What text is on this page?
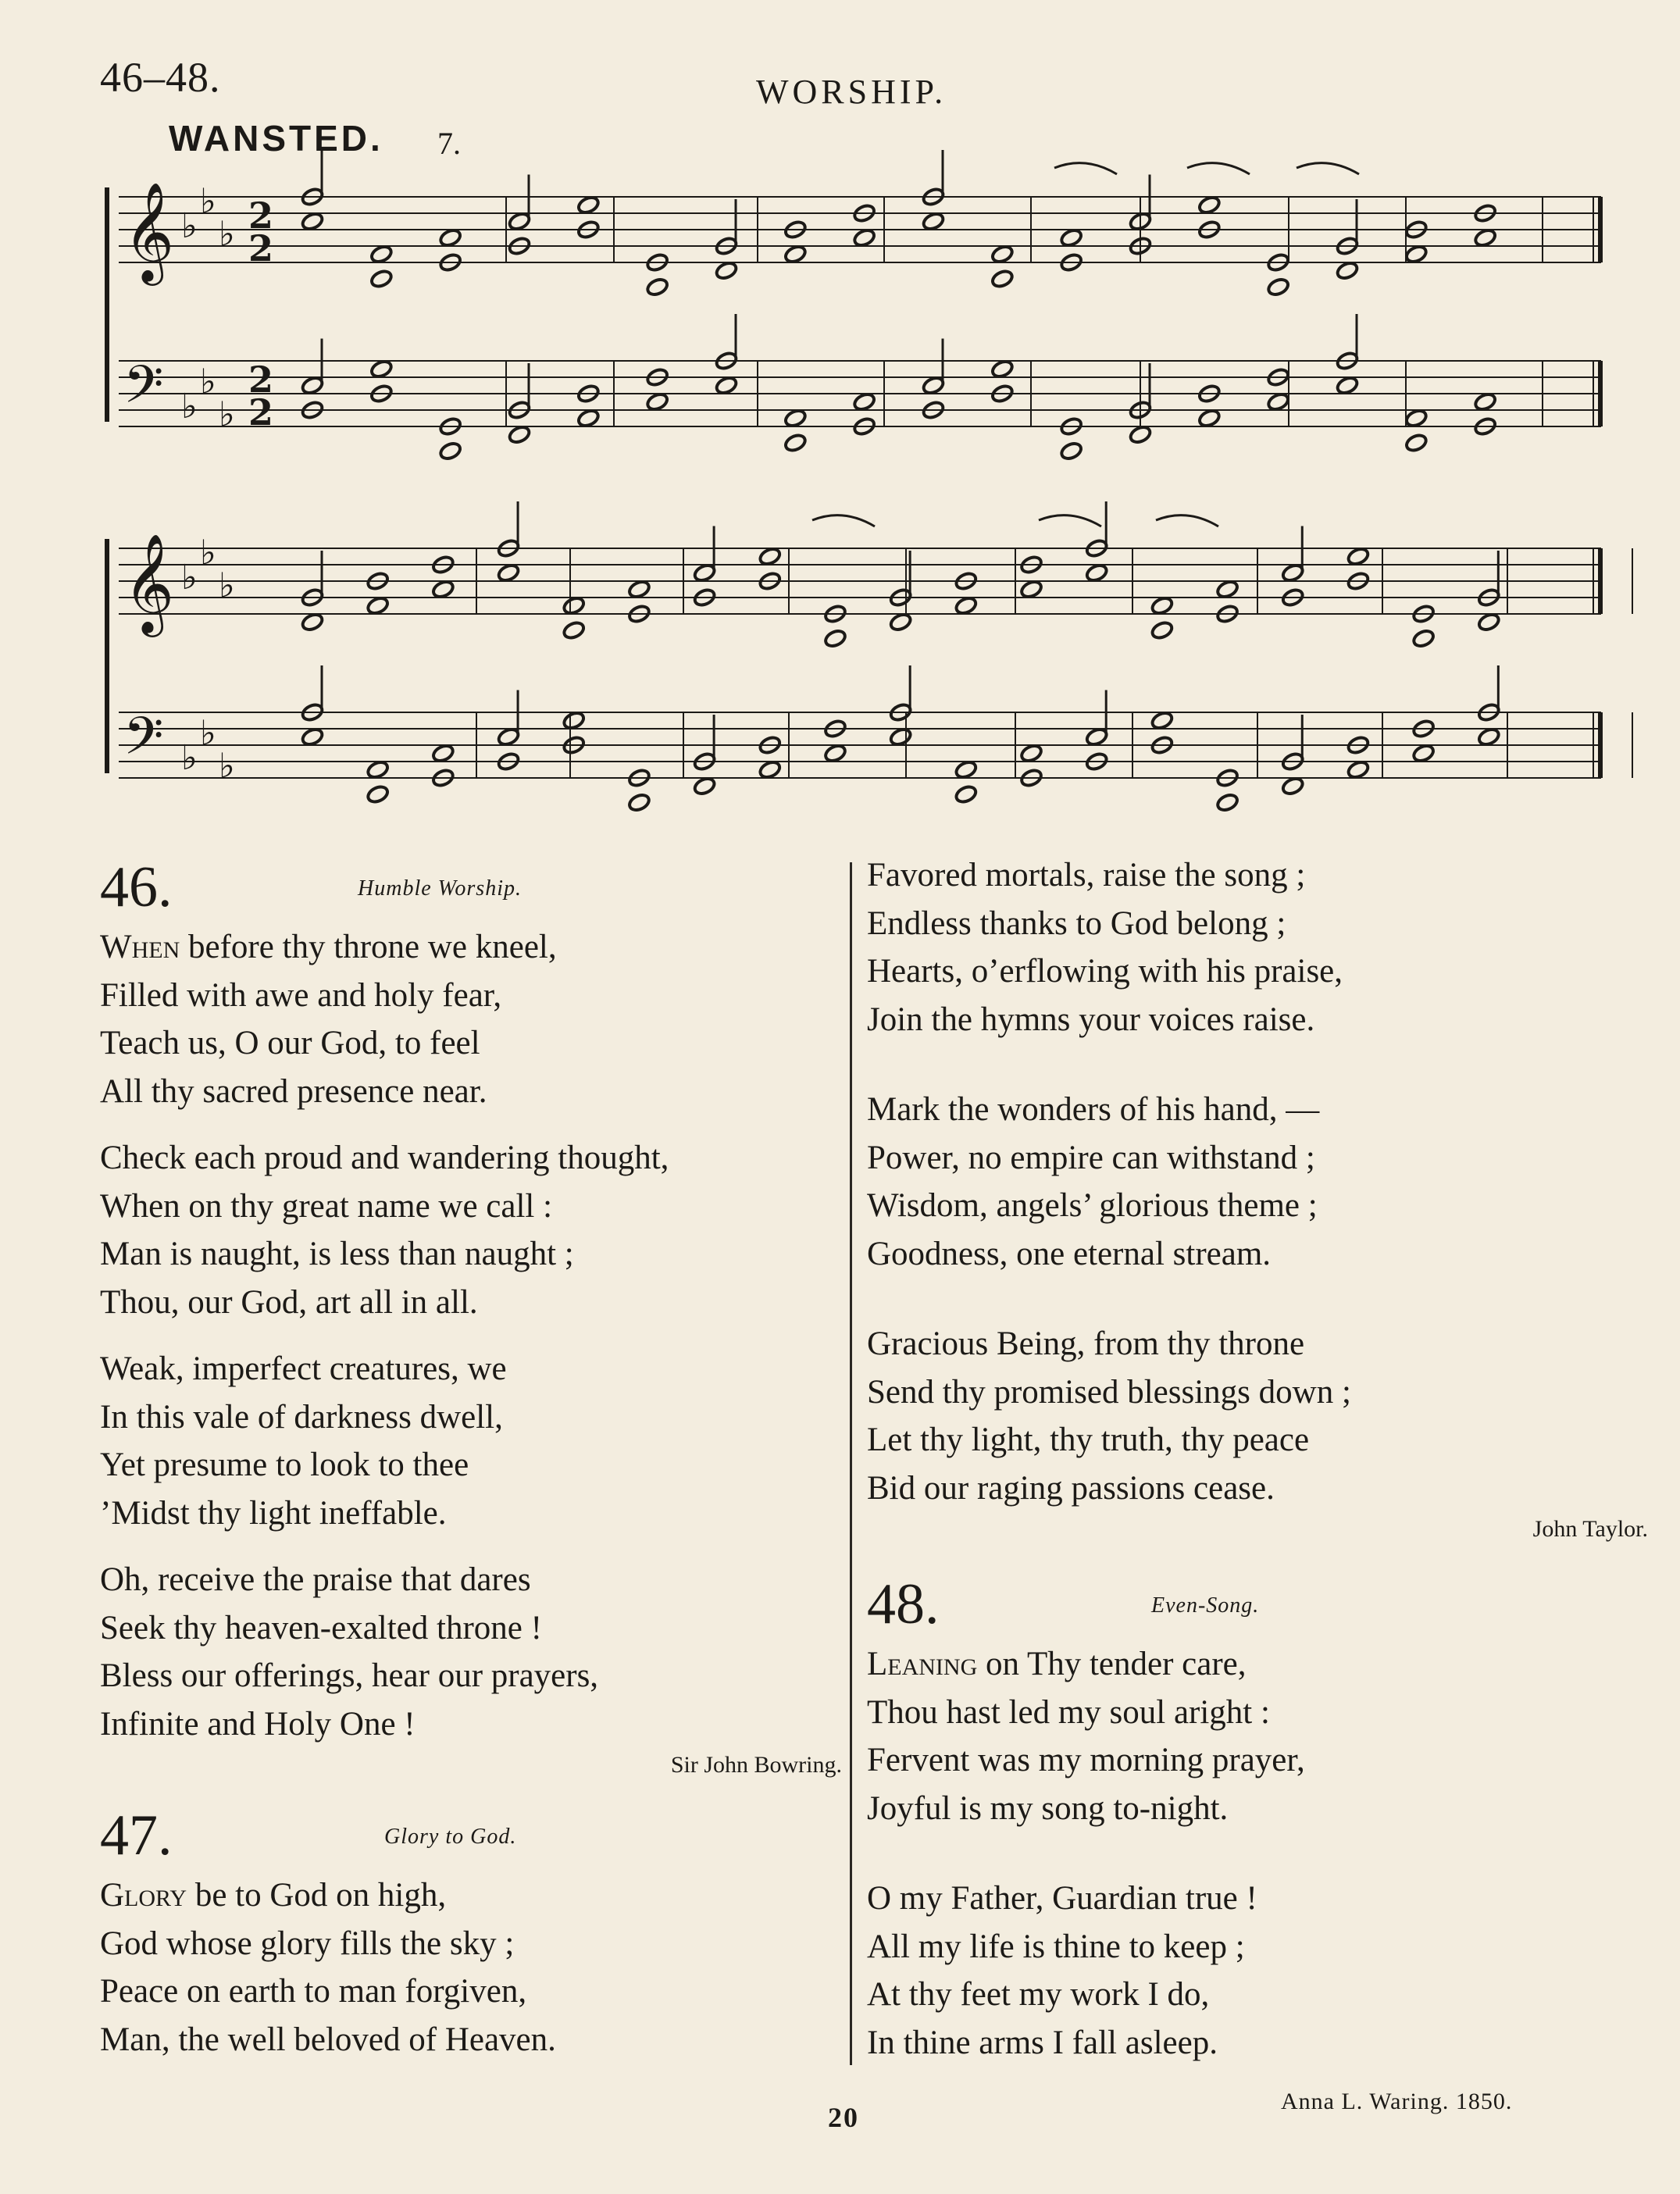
46–48.	WORSHIP.
WANSTED. 7.
𝄞 ♭
♭
♭ 2
2
𝄢 ♭
♭
♭
2
2
𝄞 ♭
♭
♭
𝄢 ♭
♭
♭
46.	Humble Worship.
When before thy throne we kneel,
Filled with awe and holy fear,
Teach us, O our God, to feel
All thy sacred presence near.
Check each proud and wandering thought,
When on thy great name we call :
Man is naught, is less than naught ;
Thou, our God, art all in all.
Weak, imperfect creatures, we
In this vale of darkness dwell,
Yet presume to look to thee
’Midst thy light ineffable.
Oh, receive the praise that dares
Seek thy heaven-exalted throne !
Bless our offerings, hear our prayers,
Infinite and Holy One !
Sir John Bowring.
47.	Glory to God.
Glory be to God on high,
God whose glory fills the sky ;
Peace on earth to man forgiven,
Man, the well beloved of Heaven.
Favored mortals, raise the song ;
Endless thanks to God belong ;
Hearts, o’erflowing with his praise,
Join the hymns your voices raise.
Mark the wonders of his hand, —
Power, no empire can withstand ;
Wisdom, angels’ glorious theme ;
Goodness, one eternal stream.
Gracious Being, from thy throne
Send thy promised blessings down ;
Let thy light, thy truth, thy peace
Bid our raging passions cease.
John Taylor.
48.	Even-Song.
Leaning on Thy tender care,
Thou hast led my soul aright :
Fervent was my morning prayer,
Joyful is my song to-night.
O my Father, Guardian true !
All my life is thine to keep ;
At thy feet my work I do,
In thine arms I fall asleep.
20
Anna L. Waring. 1850.
